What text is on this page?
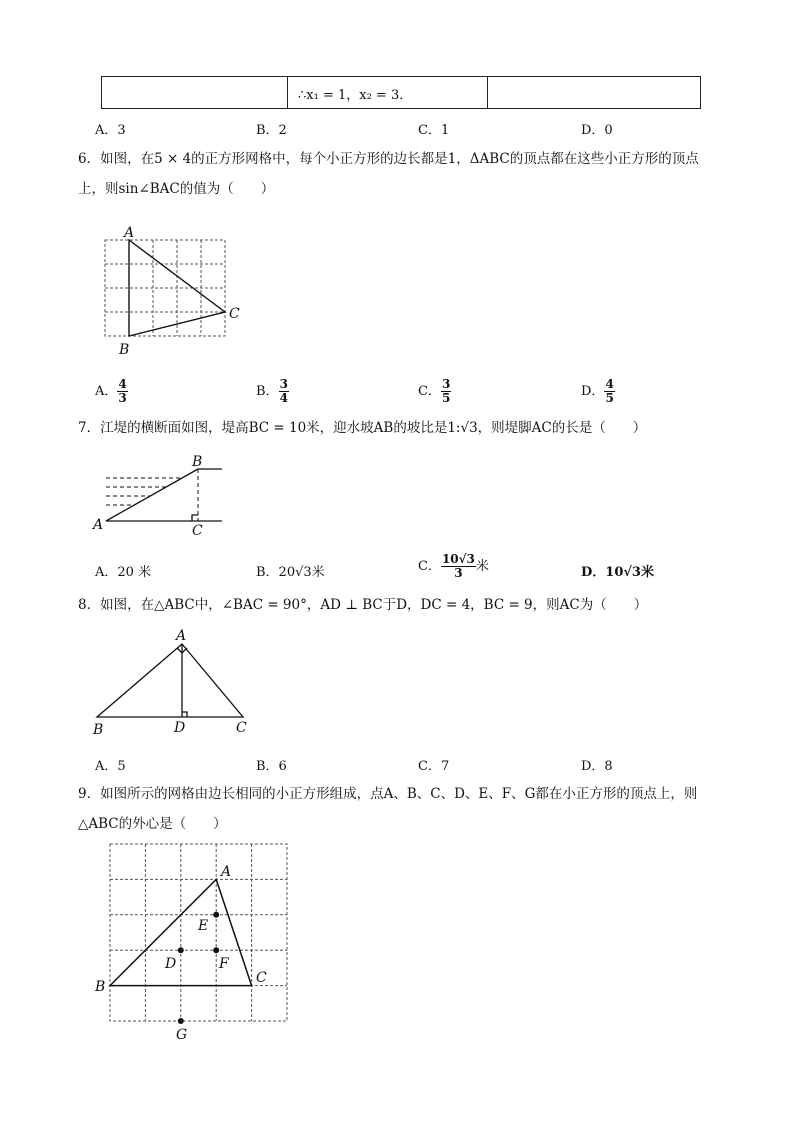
∴x₁ = 1，x₂ = 3．
A．3	B．2	C．1	D．0
6．如图，在5 × 4的正方形网格中，每个小正方形的边长都是1，ΔABC的顶点都在这些小正方形的顶点
上，则sin∠BAC的值为（　　）
A
B
C
A． $\frac{4}{3}$	B． $\frac{3}{4}$	C． $\frac{3}{5}$	D． $\frac{4}{5}$
7．江堤的横断面如图，堤高BC = 10米，迎水坡AB的坡比是1:√3，则堤脚AC的长是（　　）
A
B
C
A．20 米	B．20√3米	C． $\frac{10√3}{3}$ 米	D．10√3米
8．如图，在△ABC中，∠BAC = 90°，AD ⊥ BC于D，DC = 4，BC = 9，则AC为（　　）
A
B	D	C
A．5	B．6	C．7	D．8
9．如图所示的网格由边长相同的小正方形组成，点A、B、C、D、E、F、G都在小正方形的顶点上，则
△ABC的外心是（　　）
A
B
C
D
E
F
G
